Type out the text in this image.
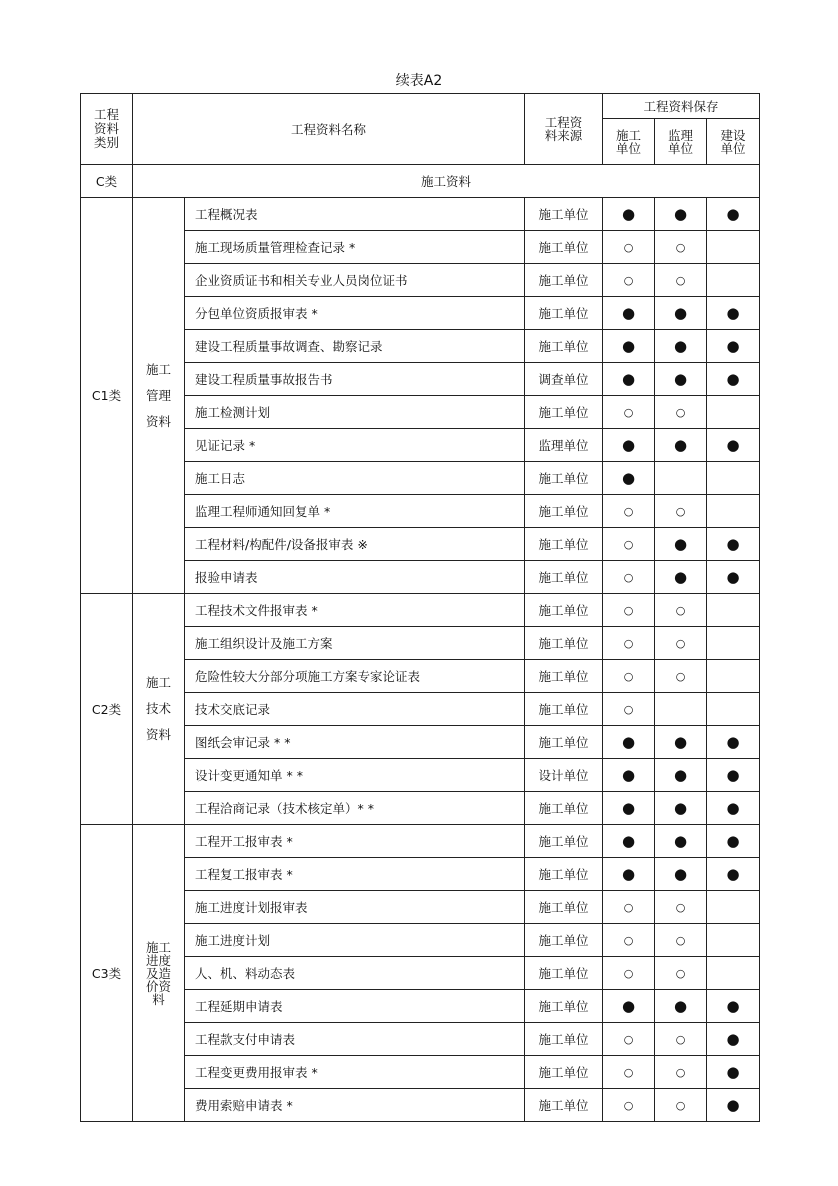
续表A2
工程资料类别	工程资料名称		工程资料来源	工程资料保存		

				施工单位	监理单位	建设单位

C类	施工资料					
C1类	施工管理资料	工程概况表	施工单位	●	●	●
		施工现场质量管理检查记录 *	施工单位	○	○	
		企业资质证书和相关专业人员岗位证书	施工单位	○	○	
		分包单位资质报审表 *	施工单位	●	●	●
		建设工程质量事故调查、勘察记录	施工单位	●	●	●
		建设工程质量事故报告书	调查单位	●	●	●
		施工检测计划	施工单位	○	○	
		见证记录 *	监理单位	●	●	●
		施工日志	施工单位	●		
		监理工程师通知回复单 *	施工单位	○	○	
		工程材料/构配件/设备报审表 ※	施工单位	○	●	●
		报验申请表	施工单位	○	●	●
C2类	施工技术资料	工程技术文件报审表 *	施工单位	○	○	
		施工组织设计及施工方案	施工单位	○	○	
		危险性较大分部分项施工方案专家论证表	施工单位	○	○	
		技术交底记录	施工单位	○		
		图纸会审记录 * *	施工单位	●	●	●
		设计变更通知单 * *	设计单位	●	●	●
		工程洽商记录（技术核定单）* *	施工单位	●	●	●
C3类	施工进度及造价资料	工程开工报审表 *	施工单位	●	●	●
		工程复工报审表 *	施工单位	●	●	●
		施工进度计划报审表	施工单位	○	○	
		施工进度计划	施工单位	○	○	
		人、机、料动态表	施工单位	○	○	
		工程延期申请表	施工单位	●	●	●
		工程款支付申请表	施工单位	○	○	●
		工程变更费用报审表 *	施工单位	○	○	●
		费用索赔申请表 *	施工单位	○	○	●
